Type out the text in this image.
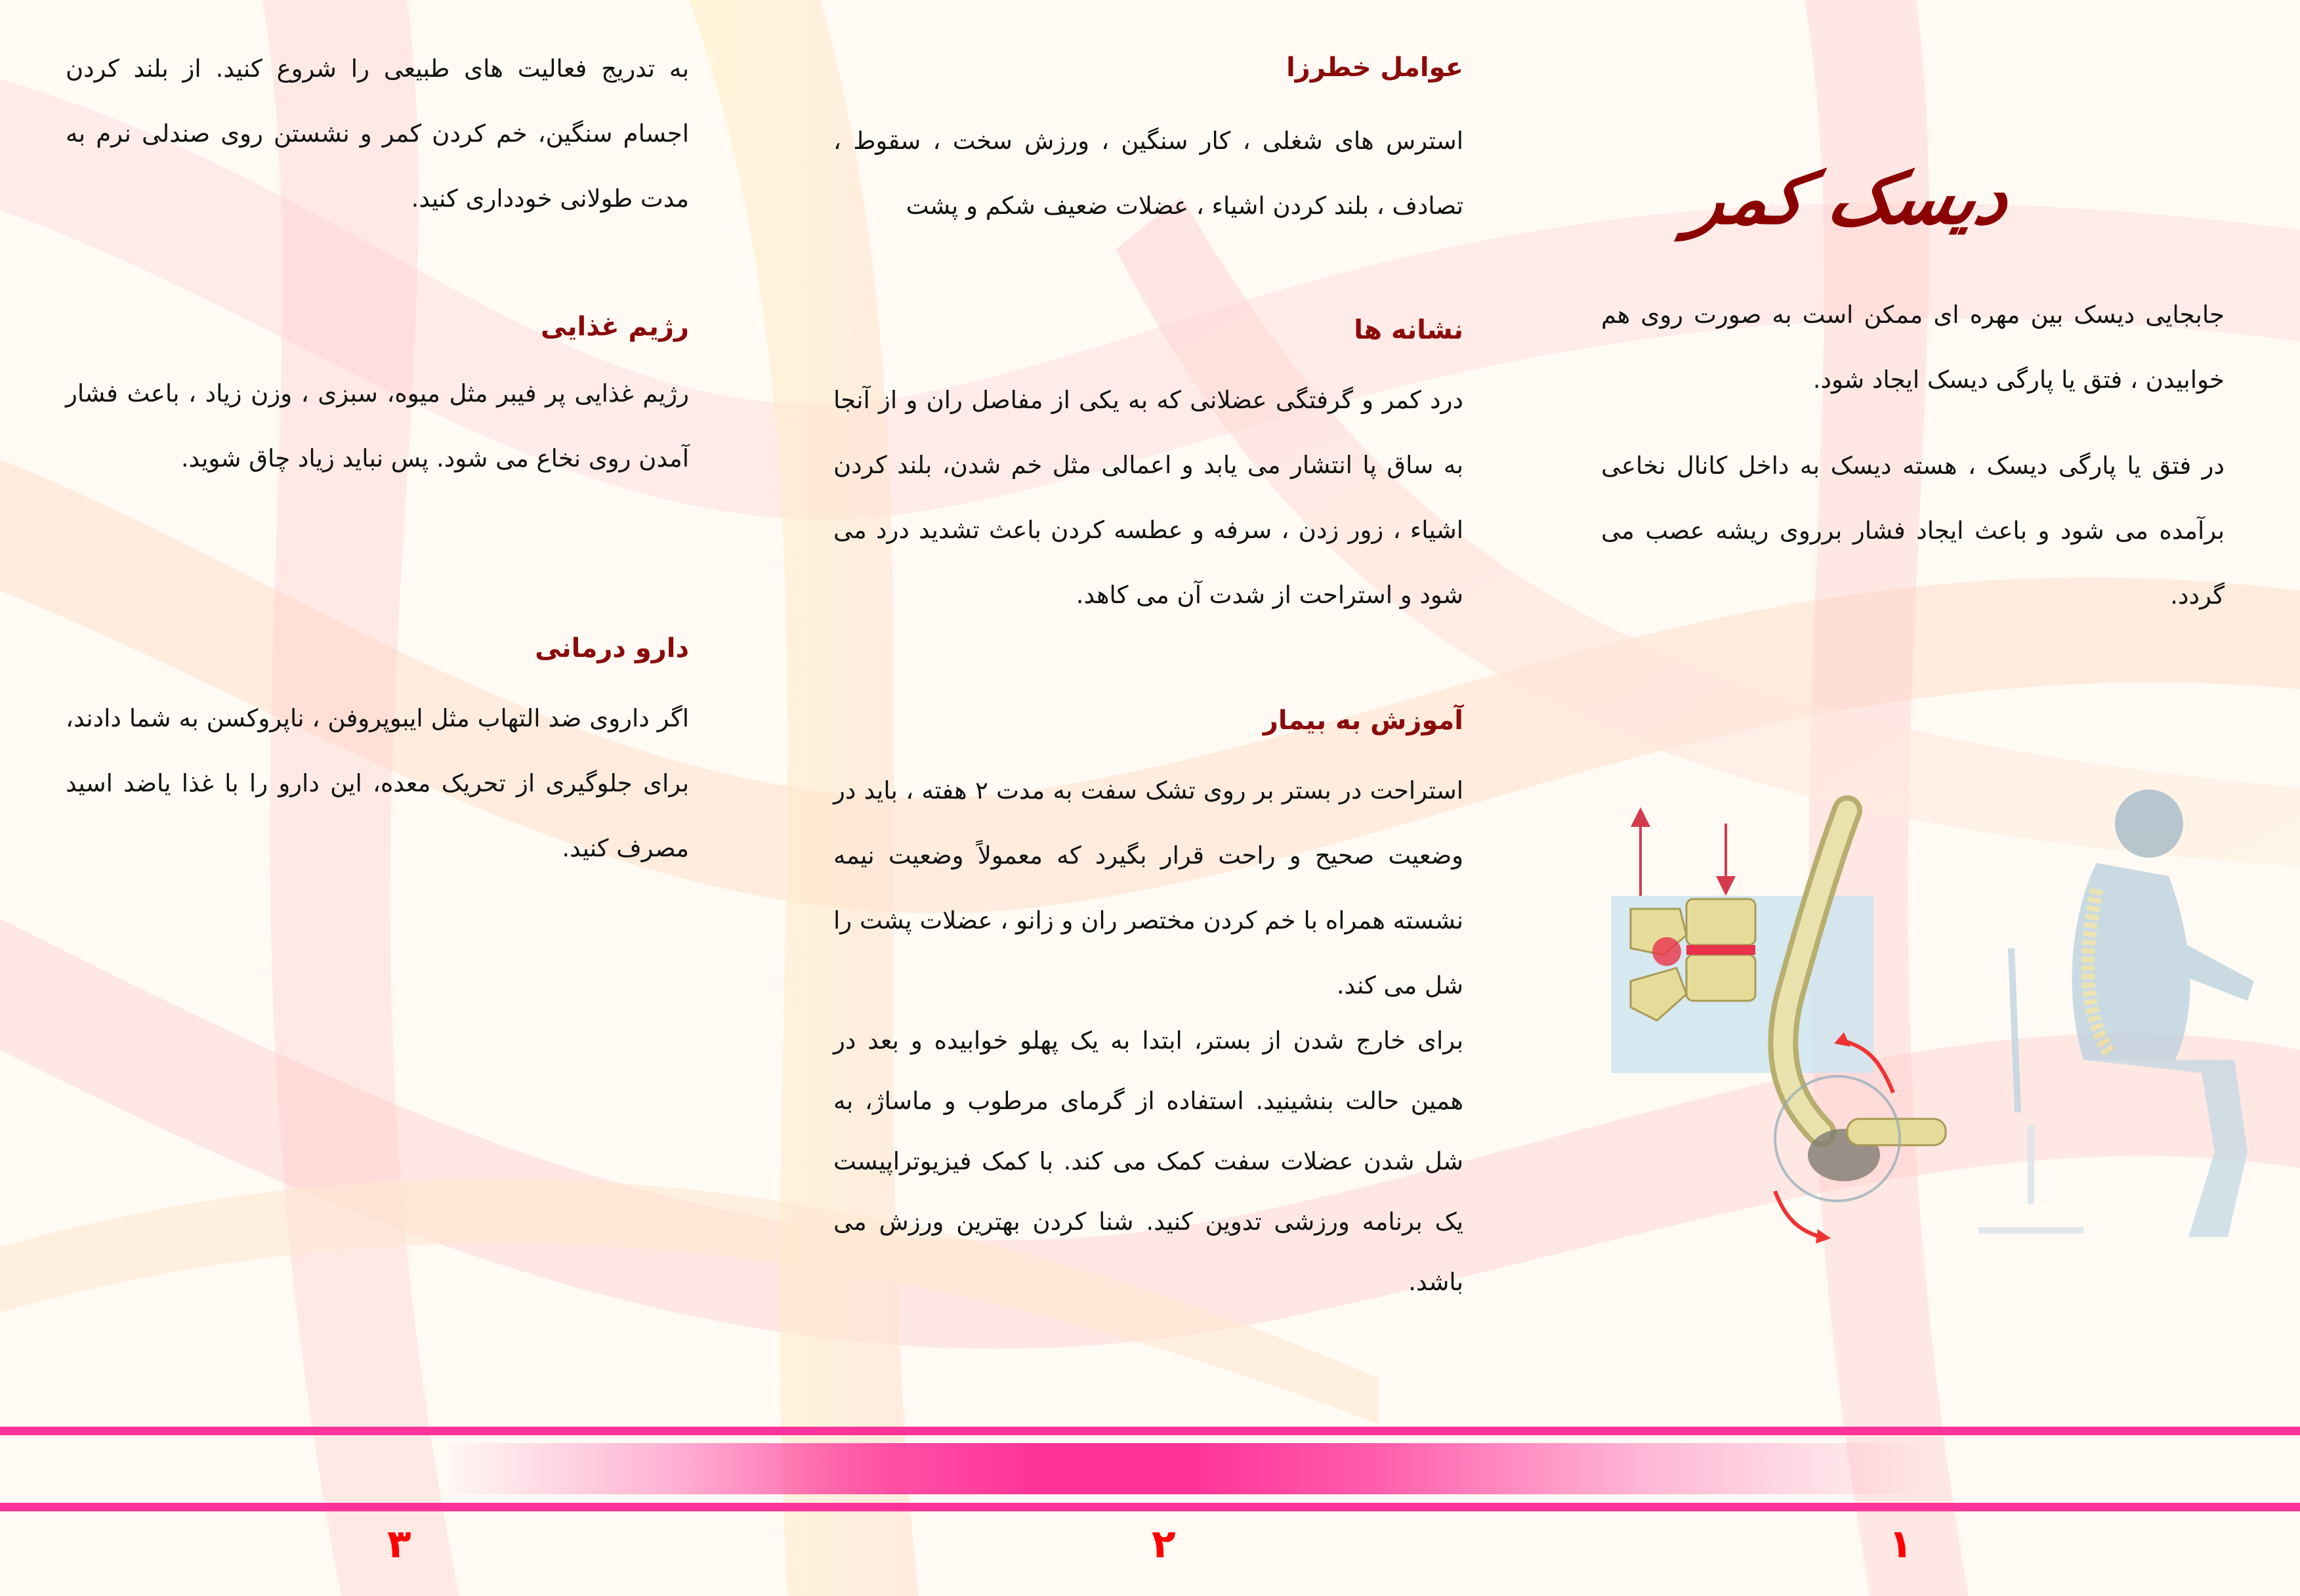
دیسک کمر

جابجایی دیسک بین مهره ای ممکن است به صورت روی هم خوابیدن ، فتق یا پارگی دیسک ایجاد شود.

در فتق یا پارگی دیسک ، هسته دیسک به داخل کانال نخاعی برآمده می شود و باعث ایجاد فشار برروی ریشه عصب می گردد.

عوامل خطرزا

استرس های شغلی ، کار سنگین ، ورزش سخت ، سقوط ، تصادف ، بلند کردن اشیاء ، عضلات ضعیف شکم و پشت

نشانه ها

درد کمر و گرفتگی عضلانی که به یکی از مفاصل ران و از آنجا به ساق پا انتشار می یابد و اعمالی مثل خم شدن، بلند کردن اشیاء ، زور زدن ، سرفه و عطسه کردن باعث تشدید درد می شود و استراحت از شدت آن می کاهد.

آموزش به بیمار

استراحت در بستر بر روی تشک سفت به مدت ۲ هفته ، باید در وضعیت صحیح و راحت قرار بگیرد که معمولاً وضعیت نیمه نشسته همراه با خم کردن مختصر ران و زانو ، عضلات پشت را شل می کند.

برای خارج شدن از بستر، ابتدا به یک پهلو خوابیده و بعد در همین حالت بنشینید. استفاده از گرمای مرطوب و ماساژ، به شل شدن عضلات سفت کمک می کند. با کمک فیزیوتراپیست یک برنامه ورزشی تدوین کنید. شنا کردن بهترین ورزش می باشد.

به تدریج فعالیت های طبیعی را شروع کنید. از بلند کردن اجسام سنگین، خم کردن کمر و نشستن روی صندلی نرم به مدت طولانی خودداری کنید.

رژیم غذایی

رژیم غذایی پر فیبر مثل میوه، سبزی ، وزن زیاد ، باعث فشار آمدن روی نخاع می شود. پس نباید زیاد چاق شوید.

دارو درمانی

اگر داروی ضد التهاب مثل ایبوپروفن ، ناپروکسن به شما دادند، برای جلوگیری از تحریک معده، این دارو را با غذا یاضد اسید مصرف کنید.

۱
۲
۳
